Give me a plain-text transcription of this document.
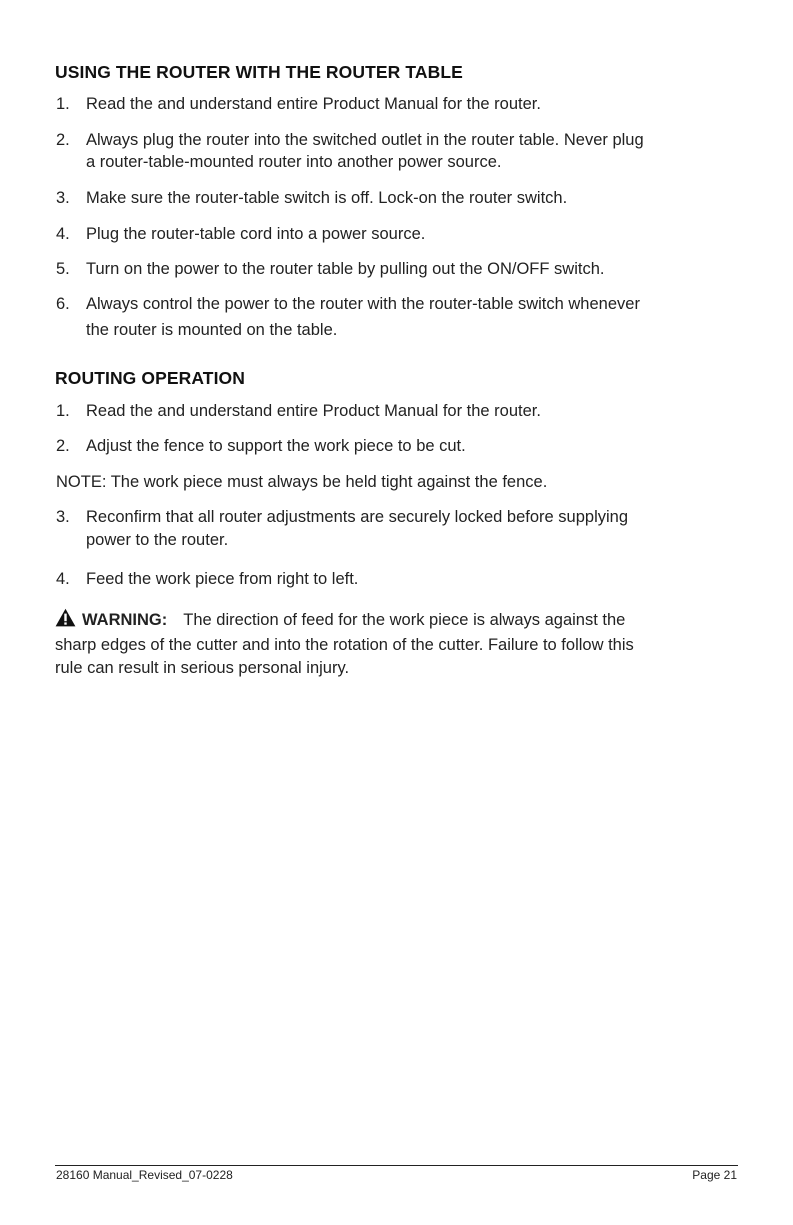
USING THE ROUTER WITH THE ROUTER TABLE
1. Read the and understand entire Product Manual for the router.
2. Always plug the router into the switched outlet in the router table. Never plug
a router-table-mounted router into another power source.
3. Make sure the router-table switch is off. Lock-on the router switch.
4. Plug the router-table cord into a power source.
5. Turn on the power to the router table by pulling out the ON/OFF switch.
6. Always control the power to the router with the router-table switch whenever
the router is mounted on the table.
ROUTING OPERATION
1. Read the and understand entire Product Manual for the router.
2. Adjust the fence to support the work piece to be cut.
NOTE: The work piece must always be held tight against the fence.
3. Reconfirm that all router adjustments are securely locked before supplying
power to the router.
4. Feed the work piece from right to left.
WARNING: The direction of feed for the work piece is always against the
sharp edges of the cutter and into the rotation of the cutter. Failure to follow this
rule can result in serious personal injury.
28160 Manual_Revised_07-0228	Page 21
